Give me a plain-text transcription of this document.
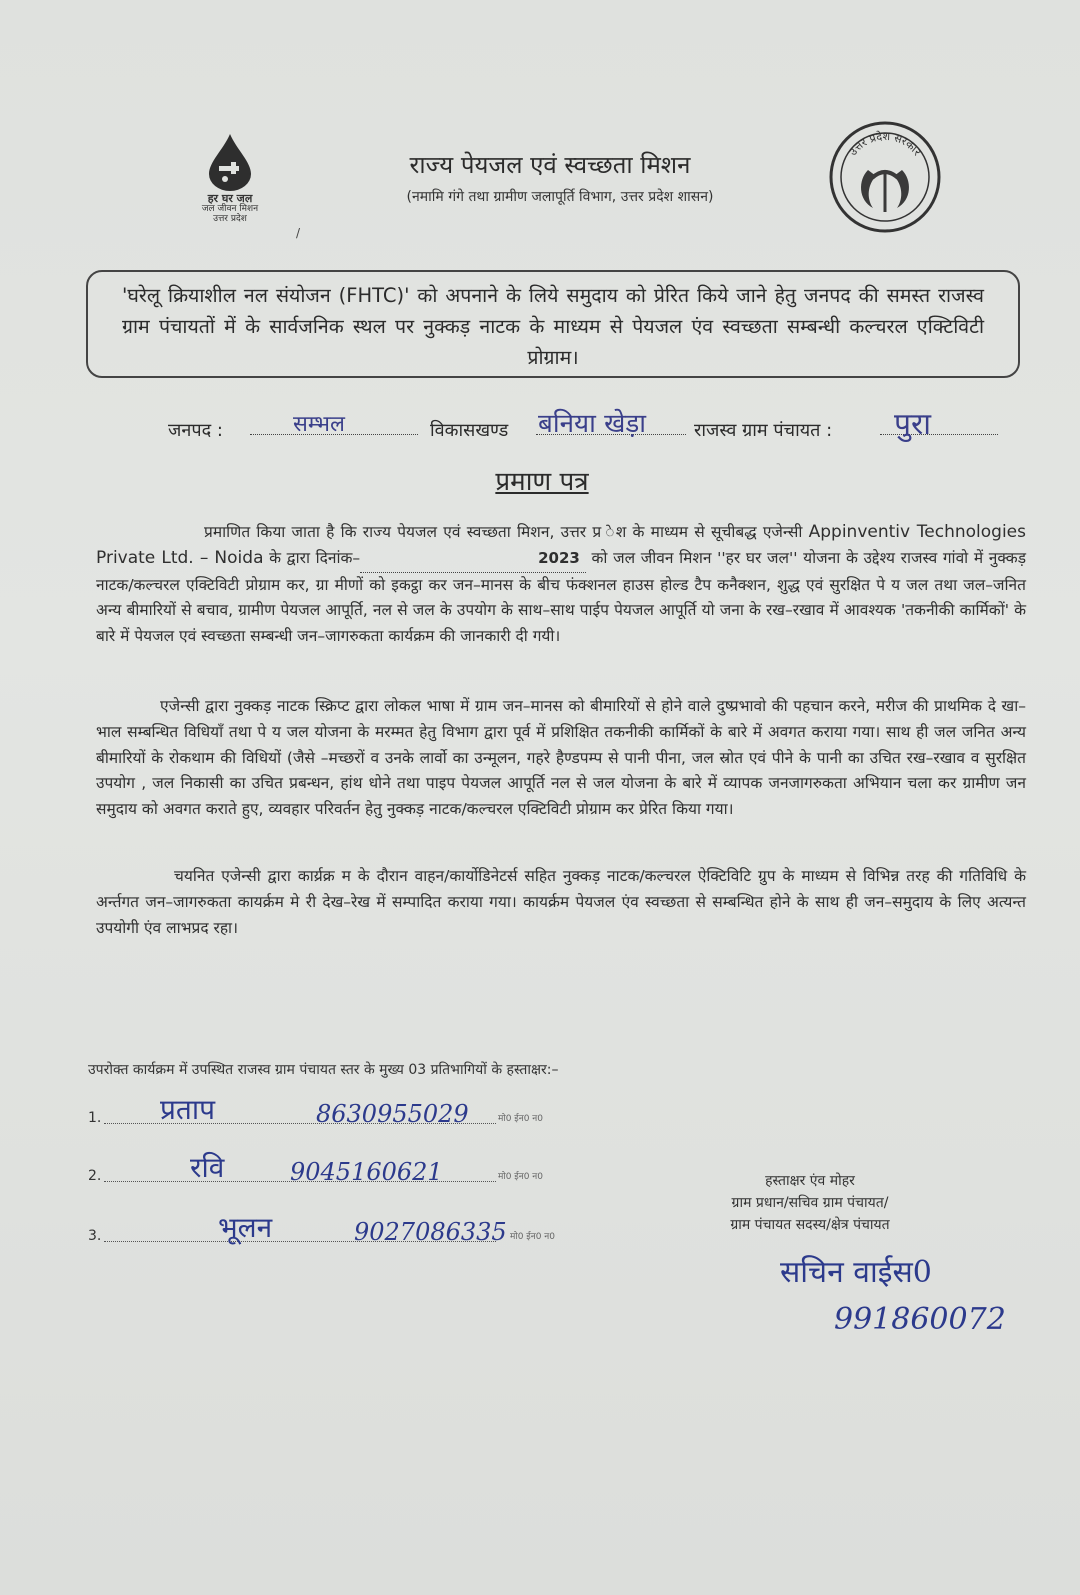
हर घर जल
जल जीवन मिशन
उत्तर प्रदेश
राज्य पेयजल एवं स्वच्छता मिशन
(नमामि गंगे तथा ग्रामीण जलापूर्ति विभाग, उत्तर प्रदेश शासन)
उत्तर प्रदेश सरकार
/
'घरेलू क्रियाशील नल संयोजन (FHTC)' को अपनाने के लिये समुदाय को प्रेरित किये जाने हेतु जनपद की समस्त राजस्व ग्राम पंचायतों में के सार्वजनिक स्थल पर नुक्कड़ नाटक के माध्यम से पेयजल एंव स्वच्छता सम्बन्धी कल्चरल एक्टिविटी प्रोग्राम।
जनपद :	सम्भल	विकासखण्ड बनिया खेड़ा	राजस्व ग्राम पंचायत : पुरा
प्रमाण पत्र
प्रमाणित किया जाता है कि राज्य पेयजल एवं स्वच्छता मिशन, उत्तर प्र ेश के माध्यम से सूचीबद्ध एजेन्सी Appinventiv Technologies Private Ltd. – Noida के द्वारा दिनांक–	2023 को जल जीवन मिशन ''हर घर जल'' योजना के उद्देश्य राजस्व गांवो में नुक्कड़ नाटक/कल्चरल एक्टिविटी प्रोग्राम कर, ग्रा मीणों को इकट्ठा कर जन–मानस के बीच फंक्शनल हाउस होल्ड टैप कनैक्शन, शुद्ध एवं सुरक्षित पे य जल तथा जल–जनित अन्य बीमारियों से बचाव, ग्रामीण पेयजल आपूर्ति, नल से जल के उपयोग के साथ–साथ पाईप पेयजल आपूर्ति यो जना के रख–रखाव में आवश्यक 'तकनीकी कार्मिकों' के बारे में पेयजल एवं स्वच्छता सम्बन्धी जन–जागरुकता कार्यक्रम की जानकारी दी गयी।
एजेन्सी द्वारा नुक्कड़ नाटक स्क्रिप्ट द्वारा लोकल भाषा में ग्राम जन–मानस को बीमारियों से होने वाले दुष्प्रभावो की पहचान करने, मरीज की प्राथमिक दे खा–भाल सम्बन्धित विधियाँ तथा पे य जल योजना के मरम्मत हेतु विभाग द्वारा पूर्व में प्रशिक्षित तकनीकी कार्मिकों के बारे में अवगत कराया गया। साथ ही जल जनित अन्य बीमारियों के रोकथाम की विधियों (जैसे –मच्छरों व उनके लार्वो का उन्मूलन, गहरे हैण्डपम्प से पानी पीना, जल स्रोत एवं पीने के पानी का उचित रख–रखाव व सुरक्षित उपयोग , जल निकासी का उचित प्रबन्धन, हांथ धोने तथा पाइप पेयजल आपूर्ति नल से जल योजना के बारे में व्यापक जनजागरुकता अभियान चला कर ग्रामीण जन समुदाय को अवगत कराते हुए, व्यवहार परिवर्तन हेतु नुक्कड़ नाटक/कल्चरल एक्टिविटी प्रोग्राम कर प्रेरित किया गया।
चयनित एजेन्सी द्वारा कार्य्रक्र म के दौरान वाहन/कार्योडिनेटर्स सहित नुक्कड़ नाटक/कल्चरल ऐक्टिविटि ग्रुप के माध्यम से विभिन्न तरह की गतिविधि के अर्न्तगत जन–जागरुकता कायर्क्रम मे री देख–रेख में सम्पादित कराया गया। कायर्क्रम पेयजल एंव स्वच्छता से सम्बन्धित होने के साथ ही जन–समुदाय के लिए अत्यन्त उपयोगी एंव लाभप्रद रहा।
उपरोक्त कार्यक्रम में उपस्थित राजस्व ग्राम पंचायत स्तर के मुख्य 03 प्रतिभागियों के हस्ताक्षर:–
1. प्रताप	8630955029	मो0 ईन0 न0
2.	रवि	9045160621	मो0 ईन0 न0
3.	भूलन	9027086335 मो0 ईन0 न0
हस्ताक्षर एंव मोहर
ग्राम प्रधान/सचिव ग्राम पंचायत/
ग्राम पंचायत सदस्य/क्षेत्र पंचायत
सचिन वाईस0
991860072
